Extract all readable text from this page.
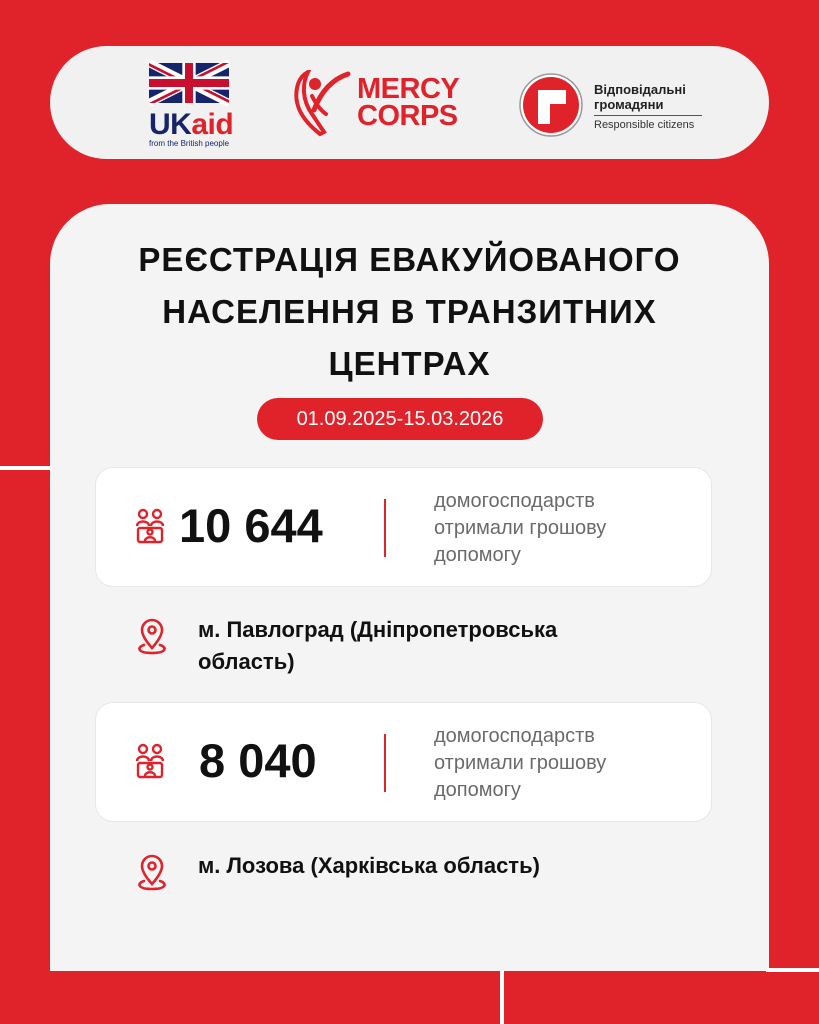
UKaid
from the British people
MERCY
CORPS
Відповідальні
громадяни
Responsible citizens
РЕЄСТРАЦІЯ ЕВАКУЙОВАНОГО
НАСЕЛЕННЯ В ТРАНЗИТНИХ
ЦЕНТРАХ
01.09.2025-15.03.2026
10 644	домогосподарств
отримали грошову
допомогу
м. Павлоград (Дніпропетровська
область)
8 040	домогосподарств
отримали грошову
допомогу
м. Лозова (Харківська область)
